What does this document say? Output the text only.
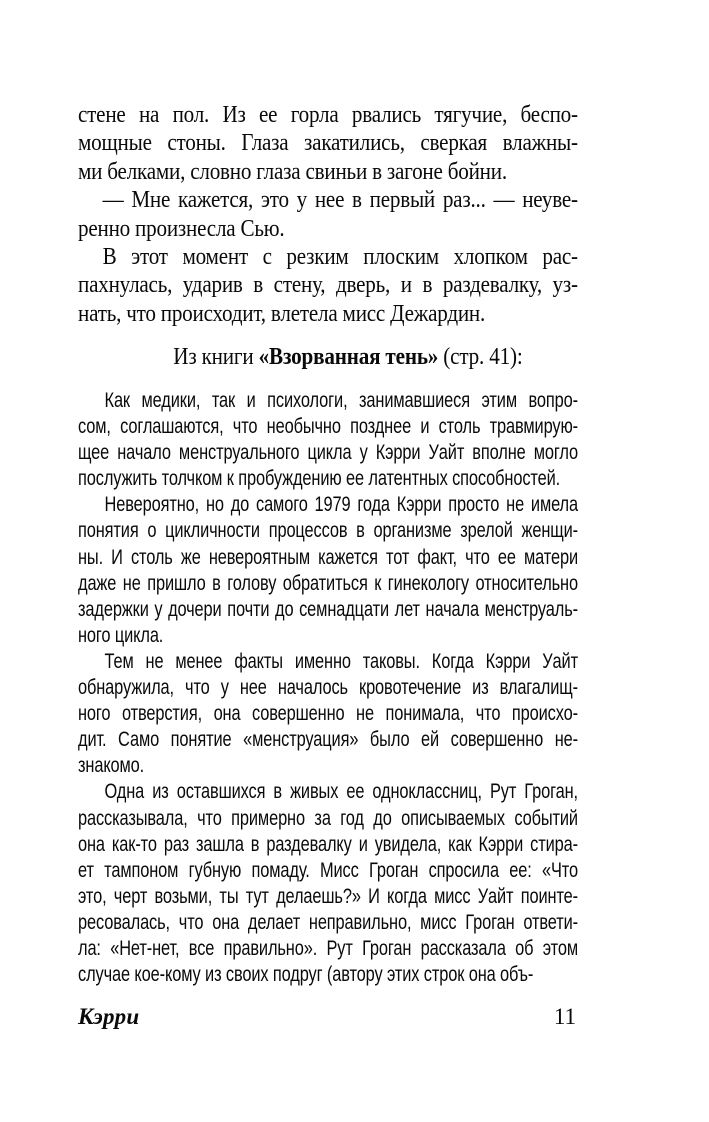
стене на пол. Из ее горла рвались тягучие, беспо-
мощные стоны. Глаза закатились, сверкая влажны-
ми белками, словно глаза свиньи в загоне бойни.
— Мне кажется, это у нее в первый раз... — неуве-
ренно произнесла Сью.
В этот момент с резким плоским хлопком рас-
пахнулась, ударив в стену, дверь, и в раздевалку, уз-
нать, что происходит, влетела мисс Дежардин.
Из книги «Взорванная тень» (стр. 41):
Как медики, так и психологи, занимавшиеся этим вопро-
сом, соглашаются, что необычно позднее и столь травмирую-
щее начало менструального цикла у Кэрри Уайт вполне могло
послужить толчком к пробуждению ее латентных способностей.
Невероятно, но до самого 1979 года Кэрри просто не имела
понятия о цикличности процессов в организме зрелой женщи-
ны. И столь же невероятным кажется тот факт, что ее матери
даже не пришло в голову обратиться к гинекологу относительно
задержки у дочери почти до семнадцати лет начала менструаль-
ного цикла.
Тем не менее факты именно таковы. Когда Кэрри Уайт
обнаружила, что у нее началось кровотечение из влагалищ-
ного отверстия, она совершенно не понимала, что происхо-
дит. Само понятие «менструация» было ей совершенно не-
знакомо.
Одна из оставшихся в живых ее одноклассниц, Рут Гроган,
рассказывала, что примерно за год до описываемых событий
она как-то раз зашла в раздевалку и увидела, как Кэрри стира-
ет тампоном губную помаду. Мисс Гроган спросила ее: «Что
это, черт возьми, ты тут делаешь?» И когда мисс Уайт поинте-
ресовалась, что она делает неправильно, мисс Гроган ответи-
ла: «Нет-нет, все правильно». Рут Гроган рассказала об этом
случае кое-кому из своих подруг (автору этих строк она объ-
Кэрри	11
